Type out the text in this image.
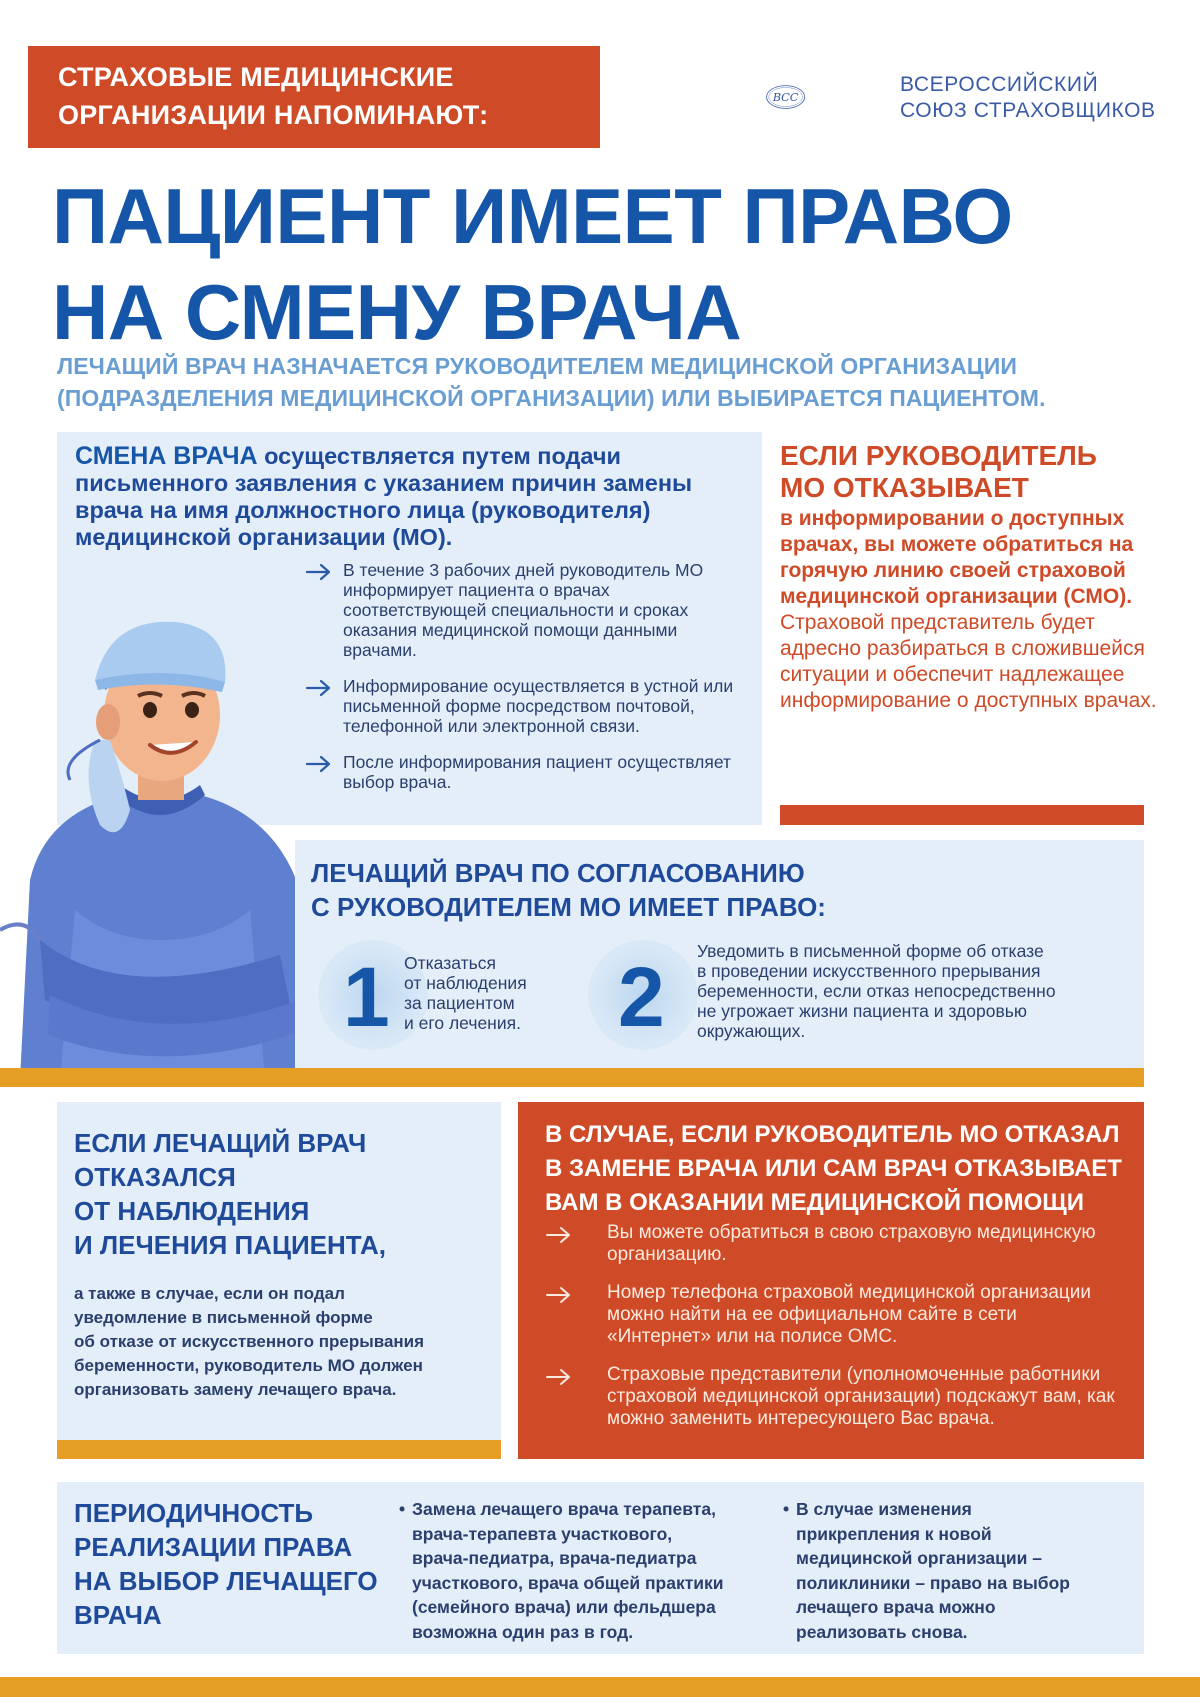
СТРАХОВЫЕ МЕДИЦИНСКИЕ
ОРГАНИЗАЦИИ НАПОМИНАЮТ:
ВСС
ВСЕРОССИЙСКИЙ
СОЮЗ СТРАХОВЩИКОВ
ПАЦИЕНТ ИМЕЕТ ПРАВО
НА СМЕНУ ВРАЧА
ЛЕЧАЩИЙ ВРАЧ НАЗНАЧАЕТСЯ РУКОВОДИТЕЛЕМ МЕДИЦИНСКОЙ ОРГАНИЗАЦИИ
(ПОДРАЗДЕЛЕНИЯ МЕДИЦИНСКОЙ ОРГАНИЗАЦИИ) ИЛИ ВЫБИРАЕТСЯ ПАЦИЕНТОМ.
СМЕНА ВРАЧА осуществляется путем подачи письменного заявления с указанием причин замены врача на имя должностного лица (руководителя) медицинской организации (МО).
В течение 3 рабочих дней руководитель МО информирует пациента о врачах соответствующей специальности и сроках оказания медицинской помощи данными врачами.
Информирование осуществляется в устной или письменной форме посредством почтовой, телефонной или электронной связи.
После информирования пациент осуществляет выбор врача.
ЕСЛИ РУКОВОДИТЕЛЬ
МО ОТКАЗЫВАЕТ
в информировании о доступных врачах, вы можете обратиться на горячую линию своей страховой медицинской организации (СМО).
Страховой представитель будет адресно разбираться в сложившейся ситуации и обеспечит надлежащее информирование о доступных врачах.
ЛЕЧАЩИЙ ВРАЧ ПО СОГЛАСОВАНИЮ
С РУКОВОДИТЕЛЕМ МО ИМЕЕТ ПРАВО:
1 Отказаться
от наблюдения
за пациентом
и его лечения. 2 Уведомить в письменной форме об отказе
в проведении искусственного прерывания
беременности, если отказ непосредственно
не угрожает жизни пациента и здоровью
окружающих.
ЕСЛИ ЛЕЧАЩИЙ ВРАЧ
ОТКАЗАЛСЯ
ОТ НАБЛЮДЕНИЯ
И ЛЕЧЕНИЯ ПАЦИЕНТА,
а также в случае, если он подал
уведомление в письменной форме
об отказе от искусственного прерывания
беременности, руководитель МО должен
организовать замену лечащего врача.
В СЛУЧАЕ, ЕСЛИ РУКОВОДИТЕЛЬ МО ОТКАЗАЛ
В ЗАМЕНЕ ВРАЧА ИЛИ САМ ВРАЧ ОТКАЗЫВАЕТ
ВАМ В ОКАЗАНИИ МЕДИЦИНСКОЙ ПОМОЩИ
Вы можете обратиться в свою страховую медицинскую организацию.
Номер телефона страховой медицинской организации можно найти на ее официальном сайте в сети «Интернет» или на полисе ОМС.
Страховые представители (уполномоченные работники страховой медицинской организации) подскажут вам, как можно заменить интересующего Вас врача.
ПЕРИОДИЧНОСТЬ
РЕАЛИЗАЦИИ ПРАВА
НА ВЫБОР ЛЕЧАЩЕГО
ВРАЧА
• Замена лечащего врача терапевта,
врача-терапевта участкового,
врача-педиатра, врача-педиатра
участкового, врача общей практики
(семейного врача) или фельдшера
возможна один раз в год.
• В случае изменения
прикрепления к новой
медицинской организации –
поликлиники – право на выбор
лечащего врача можно
реализовать снова.
